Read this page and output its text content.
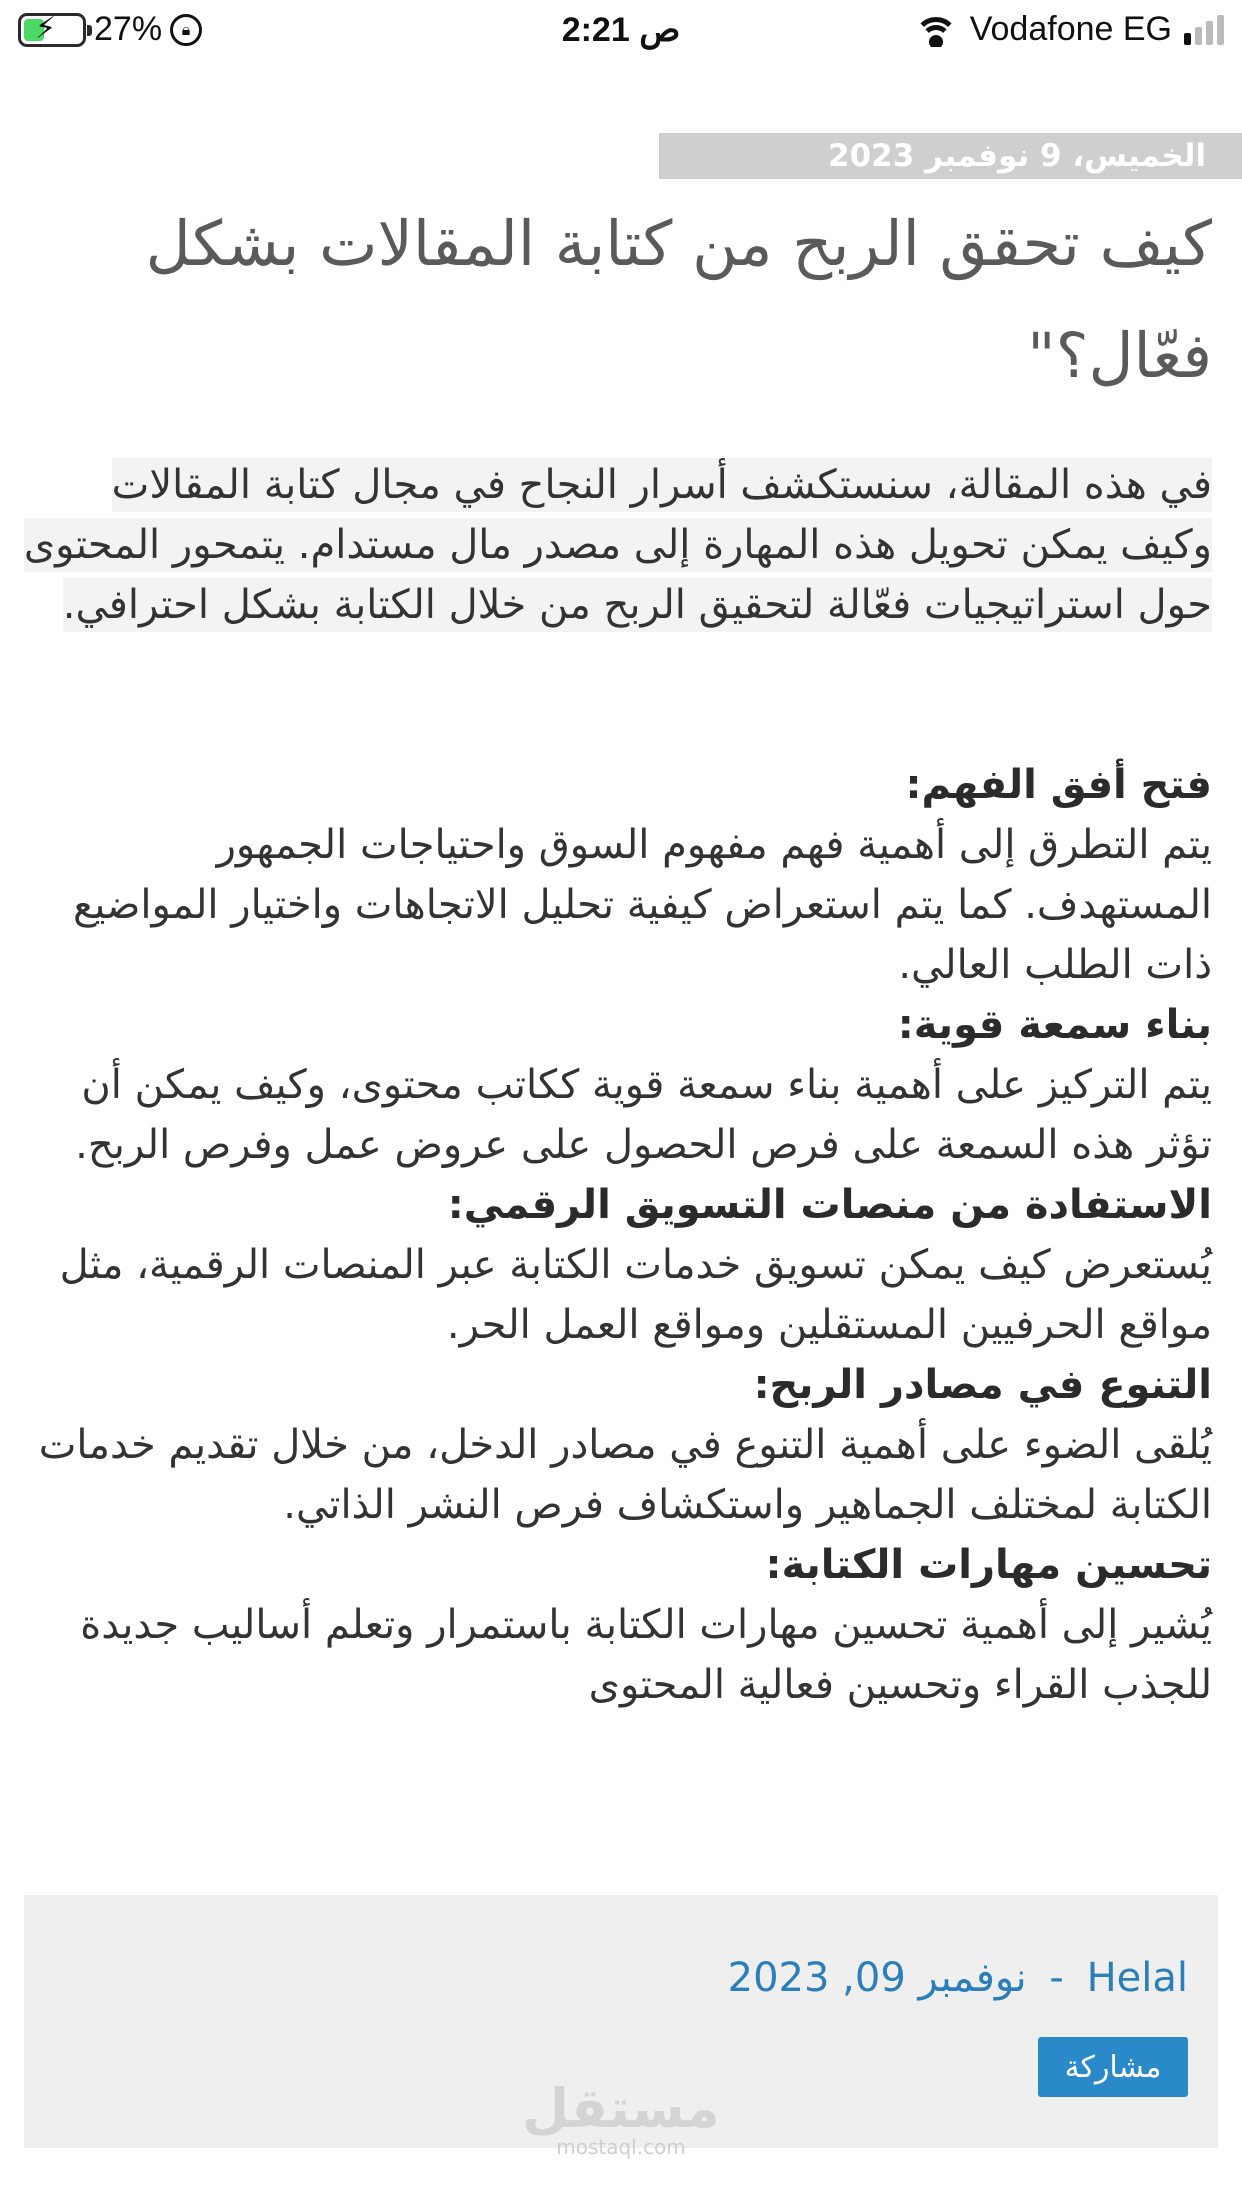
⚡ 27%	🔒︎	2:21 ص	Vodafone EG
الخميس، 9 نوفمبر 2023
كيف تحقق الربح من كتابة المقالات بشكل فعّال؟"

في هذه المقالة، سنستكشف أسرار النجاح في مجال كتابة المقالات وكيف يمكن تحويل هذه المهارة إلى مصدر مال مستدام. يتمحور المحتوى حول استراتيجيات فعّالة لتحقيق الربح من خلال الكتابة بشكل احترافي.

فتح أفق الفهم:
يتم التطرق إلى أهمية فهم مفهوم السوق واحتياجات الجمهور المستهدف. كما يتم استعراض كيفية تحليل الاتجاهات واختيار المواضيع ذات الطلب العالي.
بناء سمعة قوية:
يتم التركيز على أهمية بناء سمعة قوية ككاتب محتوى، وكيف يمكن أن تؤثر هذه السمعة على فرص الحصول على عروض عمل وفرص الربح.
الاستفادة من منصات التسويق الرقمي:
يُستعرض كيف يمكن تسويق خدمات الكتابة عبر المنصات الرقمية، مثل مواقع الحرفيين المستقلين ومواقع العمل الحر.
التنوع في مصادر الربح:
يُلقى الضوء على أهمية التنوع في مصادر الدخل، من خلال تقديم خدمات الكتابة لمختلف الجماهير واستكشاف فرص النشر الذاتي.
تحسين مهارات الكتابة:
يُشير إلى أهمية تحسين مهارات الكتابة باستمرار وتعلم أساليب جديدة للجذب القراء وتحسين فعالية المحتوى
Helal - نوفمبر 09, 2023
مشاركة
مستقل
mostaql.com
